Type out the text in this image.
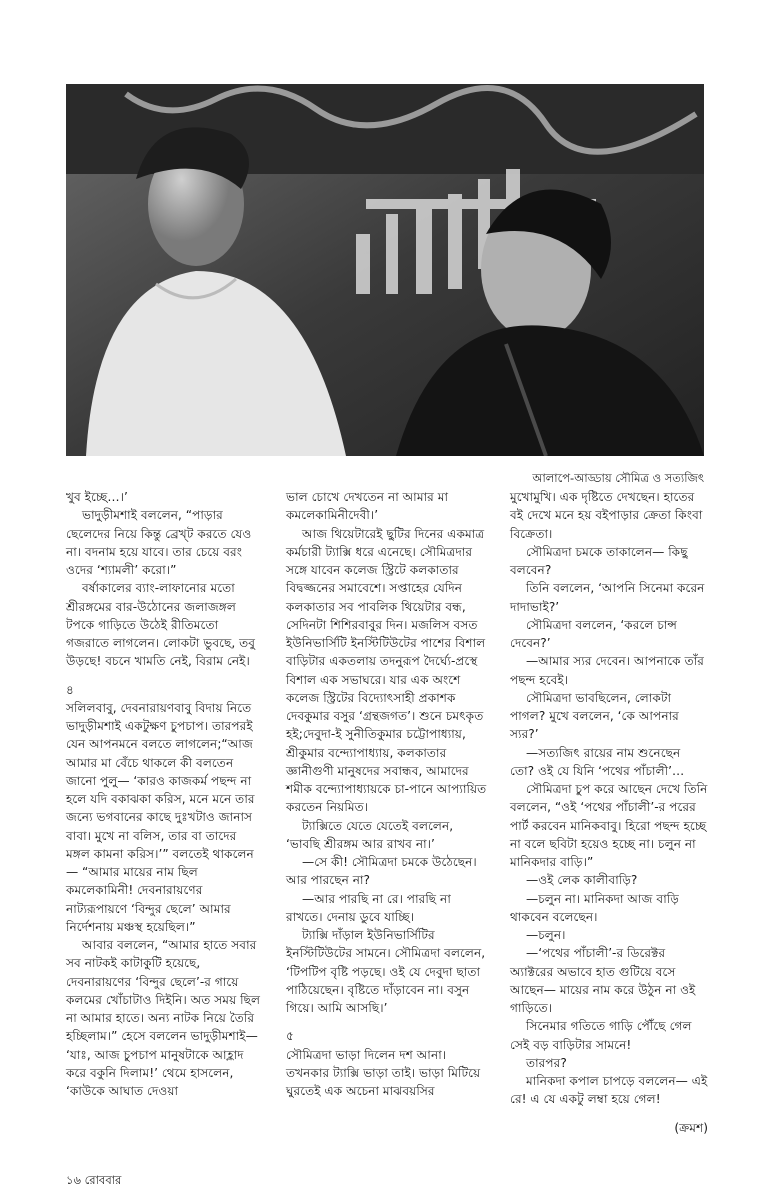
আলাপে-আড্ডায় সৌমিত্র ও সত্যজিৎ

খুব ইচ্ছে…।’

ভাদুড়ীমশাই বললেন, “পাড়ার ছেলেদের নিয়ে কিন্তু ব্রেখ্‌ট করতে যেও না। বদনাম হয়ে যাবে। তার চেয়ে বরং ওদের ‘শ্যামলী’ করো।”

বর্ষাকালের ব্যাং-লাফানোর মতো শ্রীরঙ্গমের বার-উঠোনের জলাজঙ্গল টপকে গাড়িতে উঠেই রীতিমতো গজরাতে লাগলেন। লোকটা ভুবছে, তবু উড়ছে! বচনে খামতি নেই, বিরাম নেই।

৪

সলিলবাবু, দেবনারায়ণবাবু বিদায় নিতে ভাদুড়ীমশাই একটুক্ষণ চুপচাপ। তারপরই যেন আপনমনে বলতে লাগলেন;“আজ আমার মা বেঁচে থাকলে কী বলতেন জানো পুলু— ‘কারও কাজকর্ম পছন্দ না হলে যদি বকাঝকা করিস, মনে মনে তার জন্যে ভগবানের কাছে দুঃখটাও জানাস বাবা। মুখে না বলিস, তার বা তাদের মঙ্গল কামনা করিস।’” বলতেই থাকলেন— “আমার মায়ের নাম ছিল কমলেকামিনী! দেবনারায়ণের নাট্যরূপায়ণে ‘বিন্দুর ছেলে’ আমার নির্দেশনায় মঞ্চস্থ হয়েছিল।”

আবার বললেন, “আমার হাতে সবার সব নাটকই কাটাকুটি হয়েছে, দেবনারায়ণের ‘বিন্দুর ছেলে’-র গায়ে কলমের খোঁচাটাও দিইনি। অত সময় ছিল না আমার হাতে। অন্য নাটক নিয়ে তৈরি হচ্ছিলাম।” হেসে বললেন ভাদুড়ীমশাই— ‘যাঃ, আজ চুপচাপ মানুষটাকে আহ্লাদ করে বকুনি দিলাম!’ থেমে হাসলেন, ‘কাউকে আঘাত দেওয়া

ভাল চোখে দেখতেন না আমার মা কমলেকামিনীদেবী।’

আজ থিয়েটারেই ছুটির দিনের একমাত্র কর্মচারী ট্যাক্সি ধরে এনেছে। সৌমিত্রদার সঙ্গে যাবেন কলেজ স্ট্রিটে কলকাতার বিদ্বজ্জনের সমাবেশে। সপ্তাহের যেদিন কলকাতার সব পাবলিক থিয়েটার বন্ধ, সেদিনটা শিশিরবাবুর দিন। মজলিস বসত ইউনিভার্সিটি ইনস্টিটিউটের পাশের বিশাল বাড়িটার একতলায় তদনুরূপ দৈর্ঘ্যে-প্রস্থে বিশাল এক সভাঘরে। যার এক অংশে কলেজ স্ট্রিটের বিদ্যোৎসাহী প্রকাশক দেবকুমার বসুর ‘গ্রন্থজগত’। শুনে চমৎকৃত হই;দেবুদা-ই সুনীতিকুমার চট্টোপাধ্যায়, শ্রীকুমার বন্দ্যোপাধ্যায়, কলকাতার জ্ঞানীগুণী মানুষদের সবান্ধব, আমাদের শমীক বন্দ্যোপাধ্যায়কে চা-পানে আপ্যায়িত করতেন নিয়মিত।

ট্যাক্সিতে যেতে যেতেই বললেন, ‘ভাবছি শ্রীরঙ্গম আর রাখব না।’

—সে কী! সৌমিত্রদা চমকে উঠেছেন। আর পারছেন না?

—আর পারছি না রে। পারছি না রাখতে। দেনায় ডুবে যাচ্ছি।

ট্যাক্সি দাঁড়াল ইউনিভার্সিটির ইনস্টিটিউটের সামনে। সৌমিত্রদা বললেন, ‘টিপটিপ বৃষ্টি পড়ছে। ওই যে দেবুদা ছাতা পাঠিয়েছেন। বৃষ্টিতে দাঁড়াবেন না। বসুন গিয়ে। আমি আসছি।’

৫

সৌমিত্রদা ভাড়া দিলেন দশ আনা। তখনকার ট্যাক্সি ভাড়া তাই। ভাড়া মিটিয়ে ঘুরতেই এক অচেনা মাঝবয়সির

মুখোমুখি। এক দৃষ্টিতে দেখছেন। হাতের বই দেখে মনে হয় বইপাড়ার ক্রেতা কিংবা বিক্রেতা।

সৌমিত্রদা চমকে তাকালেন— কিছু বলবেন?

তিনি বললেন, ‘আপনি সিনেমা করেন দাদাভাই?’

সৌমিত্রদা বললেন, ‘করলে চান্স দেবেন?’

—আমার স্যর দেবেন। আপনাকে তাঁর পছন্দ হবেই।

সৌমিত্রদা ভাবছিলেন, লোকটা পাগল? মুখে বললেন, ‘কে আপনার স্যর?’

—সত্যজিৎ রায়ের নাম শুনেছেন তো? ওই যে যিনি ‘পথের পাঁচালী’…

সৌমিত্রদা চুপ করে আছেন দেখে তিনি বললেন, “ওই ‘পথের পাঁচালী’-র পরের পার্ট করবেন মানিকবাবু। হিরো পছন্দ হচ্ছে না বলে ছবিটা হয়েও হচ্ছে না। চলুন না মানিকদার বাড়ি।”

—ওই লেক কালীবাড়ি?

—চলুন না। মানিকদা আজ বাড়ি থাকবেন বলেছেন।

—চলুন।

—‘পথের পাঁচালী’-র ডিরেক্টর অ্যাক্টরের অভাবে হাত গুটিয়ে বসে আছেন— মায়ের নাম করে উঠুন না ওই গাড়িতে।

সিনেমার গতিতে গাড়ি পৌঁছে গেল সেই বড় বাড়িটার সামনে!

তারপর?

মানিকদা কপাল চাপড়ে বললেন— এই রে! এ যে একটু লম্বা হয়ে গেল!

(ক্রমশ)

১৬ রোববার
